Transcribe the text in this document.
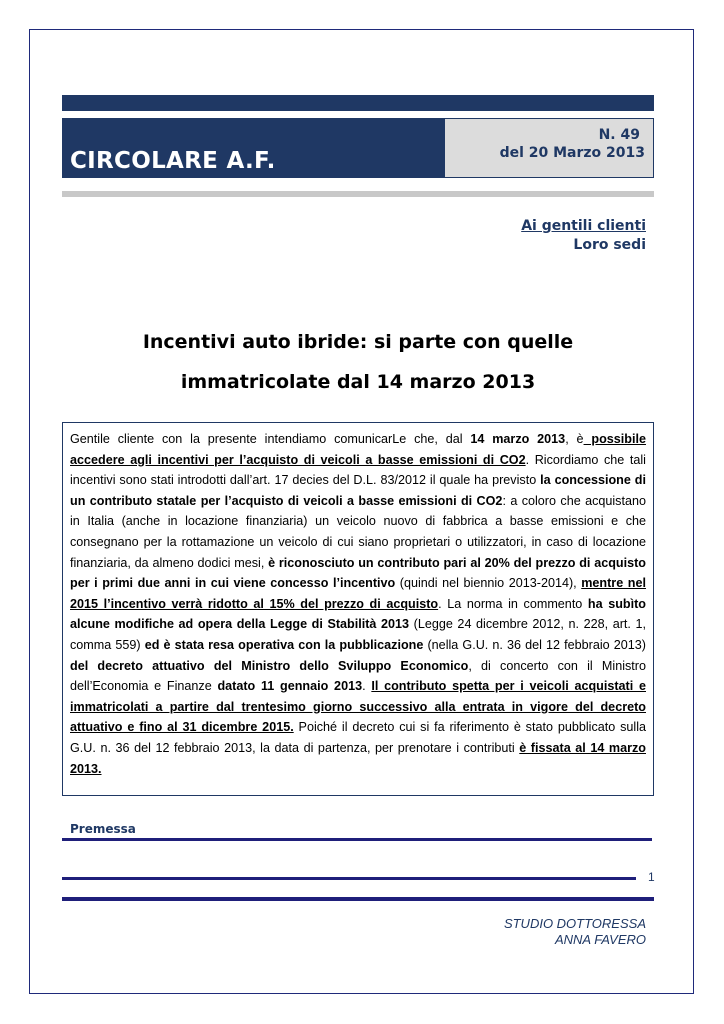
CIRCOLARE A.F.
N. 49
del 20 Marzo 2013
Ai gentili clienti
Loro sedi
Incentivi auto ibride: si parte con quelle
immatricolate dal 14 marzo 2013
Gentile cliente con la presente intendiamo comunicarLe che, dal 14 marzo 2013, è possibile accedere agli incentivi per l’acquisto di veicoli a basse emissioni di CO2. Ricordiamo che tali incentivi sono stati introdotti dall’art. 17 decies del D.L. 83/2012 il quale ha previsto la concessione di un contributo statale per l’acquisto di veicoli a basse emissioni di CO2: a coloro che acquistano in Italia (anche in locazione finanziaria) un veicolo nuovo di fabbrica a basse emissioni e che consegnano per la rottamazione un veicolo di cui siano proprietari o utilizzatori, in caso di locazione finanziaria, da almeno dodici mesi, è riconosciuto un contributo pari al 20% del prezzo di acquisto per i primi due anni in cui viene concesso l’incentivo (quindi nel biennio 2013-2014), mentre nel 2015 l’incentivo verrà ridotto al 15% del prezzo di acquisto. La norma in commento ha subìto alcune modifiche ad opera della Legge di Stabilità 2013 (Legge 24 dicembre 2012, n. 228, art. 1, comma 559) ed è stata resa operativa con la pubblicazione (nella G.U. n. 36 del 12 febbraio 2013) del decreto attuativo del Ministro dello Sviluppo Economico, di concerto con il Ministro dell’Economia e Finanze datato 11 gennaio 2013. Il contributo spetta per i veicoli acquistati e immatricolati a partire dal trentesimo giorno successivo alla entrata in vigore del decreto attuativo e fino al 31 dicembre 2015. Poiché il decreto cui si fa riferimento è stato pubblicato sulla G.U. n. 36 del 12 febbraio 2013, la data di partenza, per prenotare i contributi è fissata al 14 marzo 2013.
Premessa
1
STUDIO DOTTORESSA
ANNA FAVERO
